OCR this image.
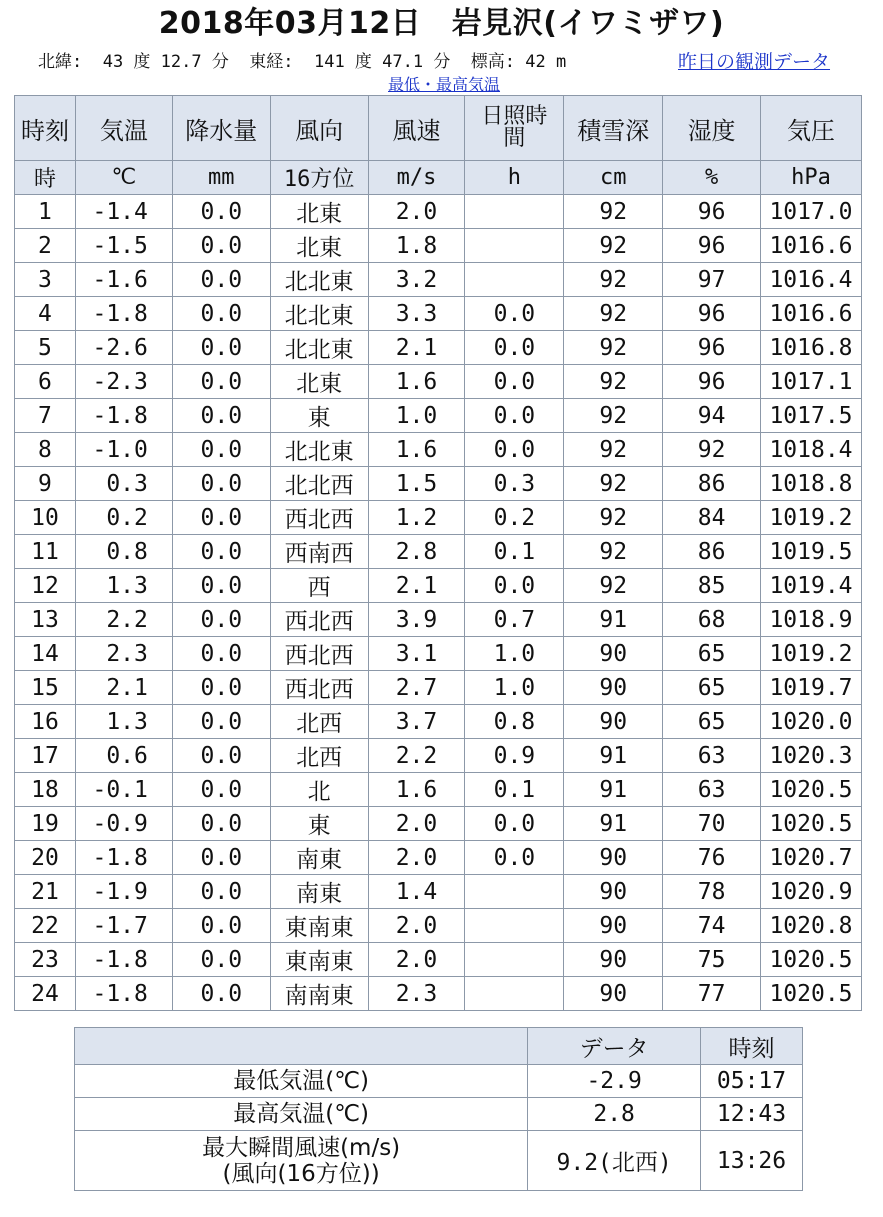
2018年03月12日　岩見沢(イワミザワ)
北緯:  43 度 12.7 分  東経:  141 度 47.1 分  標高: 42 m	昨日の観測データ
最低・最高気温
時刻	気温	降水量	風向	風速	日照時間	積雪深	湿度	気圧
時	℃	mm	16方位	m/s	h	cm	%	hPa
1	-1.4	0.0	北東	2.0		92	96	1017.0
2	-1.5	0.0	北東	1.8		92	96	1016.6
3	-1.6	0.0	北北東	3.2		92	97	1016.4
4	-1.8	0.0	北北東	3.3	0.0	92	96	1016.6
5	-2.6	0.0	北北東	2.1	0.0	92	96	1016.8
6	-2.3	0.0	北東	1.6	0.0	92	96	1017.1
7	-1.8	0.0	東	1.0	0.0	92	94	1017.5
8	-1.0	0.0	北北東	1.6	0.0	92	92	1018.4
9	0.3	0.0	北北西	1.5	0.3	92	86	1018.8
10	0.2	0.0	西北西	1.2	0.2	92	84	1019.2
11	0.8	0.0	西南西	2.8	0.1	92	86	1019.5
12	1.3	0.0	西	2.1	0.0	92	85	1019.4
13	2.2	0.0	西北西	3.9	0.7	91	68	1018.9
14	2.3	0.0	西北西	3.1	1.0	90	65	1019.2
15	2.1	0.0	西北西	2.7	1.0	90	65	1019.7
16	1.3	0.0	北西	3.7	0.8	90	65	1020.0
17	0.6	0.0	北西	2.2	0.9	91	63	1020.3
18	-0.1	0.0	北	1.6	0.1	91	63	1020.5
19	-0.9	0.0	東	2.0	0.0	91	70	1020.5
20	-1.8	0.0	南東	2.0	0.0	90	76	1020.7
21	-1.9	0.0	南東	1.4		90	78	1020.9
22	-1.7	0.0	東南東	2.0		90	74	1020.8
23	-1.8	0.0	東南東	2.0		90	75	1020.5
24	-1.8	0.0	南南東	2.3		90	77	1020.5
	データ	時刻
最低気温(℃)	-2.9	05:17
最高気温(℃)	2.8	12:43

最大瞬間風速(m/s)
(風向(16方位))	9.2(北西)	13:26
